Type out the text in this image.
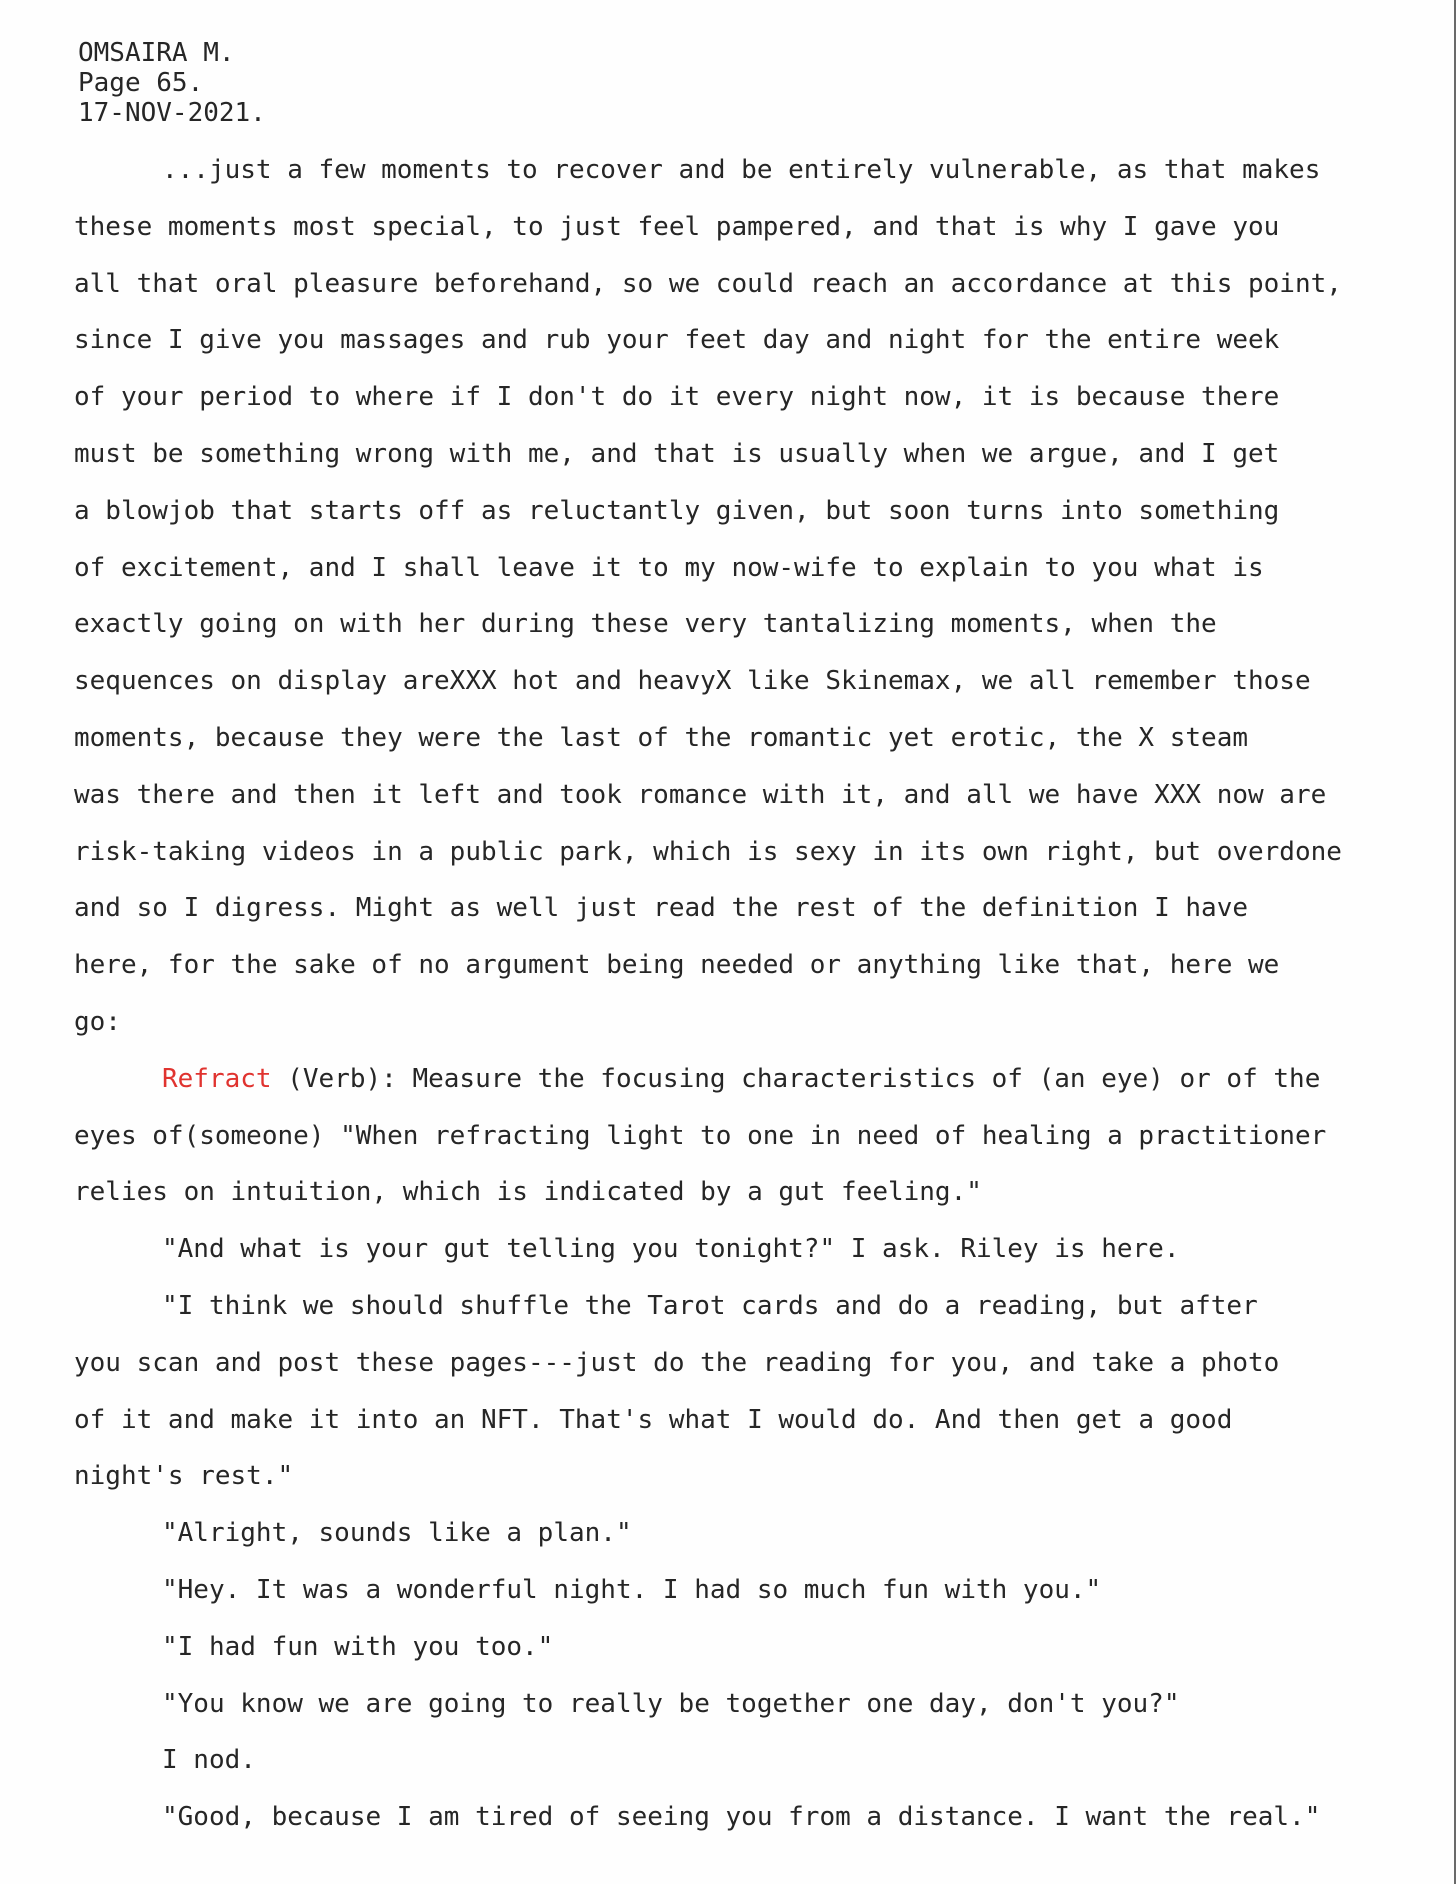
OMSAIRA M.
Page 65.
17-NOV-2021.
...just a few moments to recover and be entirely vulnerable, as that makes
these moments most special, to just feel pampered, and that is why I gave you
all that oral pleasure beforehand, so we could reach an accordance at this point,
since I give you massages and rub your feet day and night for the entire week
of your period to where if I don't do it every night now, it is because there
must be something wrong with me, and that is usually when we argue, and I get
a blowjob that starts off as reluctantly given, but soon turns into something
of excitement, and I shall leave it to my now-wife to explain to you what is
exactly going on with her during these very tantalizing moments, when the
sequences on display areXXX hot and heavyX like Skinemax, we all remember those
moments, because they were the last of the romantic yet erotic, the X steam
was there and then it left and took romance with it, and all we have XXX now are
risk-taking videos in a public park, which is sexy in its own right, but overdone
and so I digress. Might as well just read the rest of the definition I have
here, for the sake of no argument being needed or anything like that, here we
go:
Refract (Verb): Measure the focusing characteristics of (an eye) or of the
eyes of(someone) "When refracting light to one in need of healing a practitioner
relies on intuition, which is indicated by a gut feeling."
"And what is your gut telling you tonight?" I ask. Riley is here.
"I think we should shuffle the Tarot cards and do a reading, but after
you scan and post these pages---just do the reading for you, and take a photo
of it and make it into an NFT. That's what I would do. And then get a good
night's rest."
"Alright, sounds like a plan."
"Hey. It was a wonderful night. I had so much fun with you."
"I had fun with you too."
"You know we are going to really be together one day, don't you?"
I nod.
"Good, because I am tired of seeing you from a distance. I want the real."
